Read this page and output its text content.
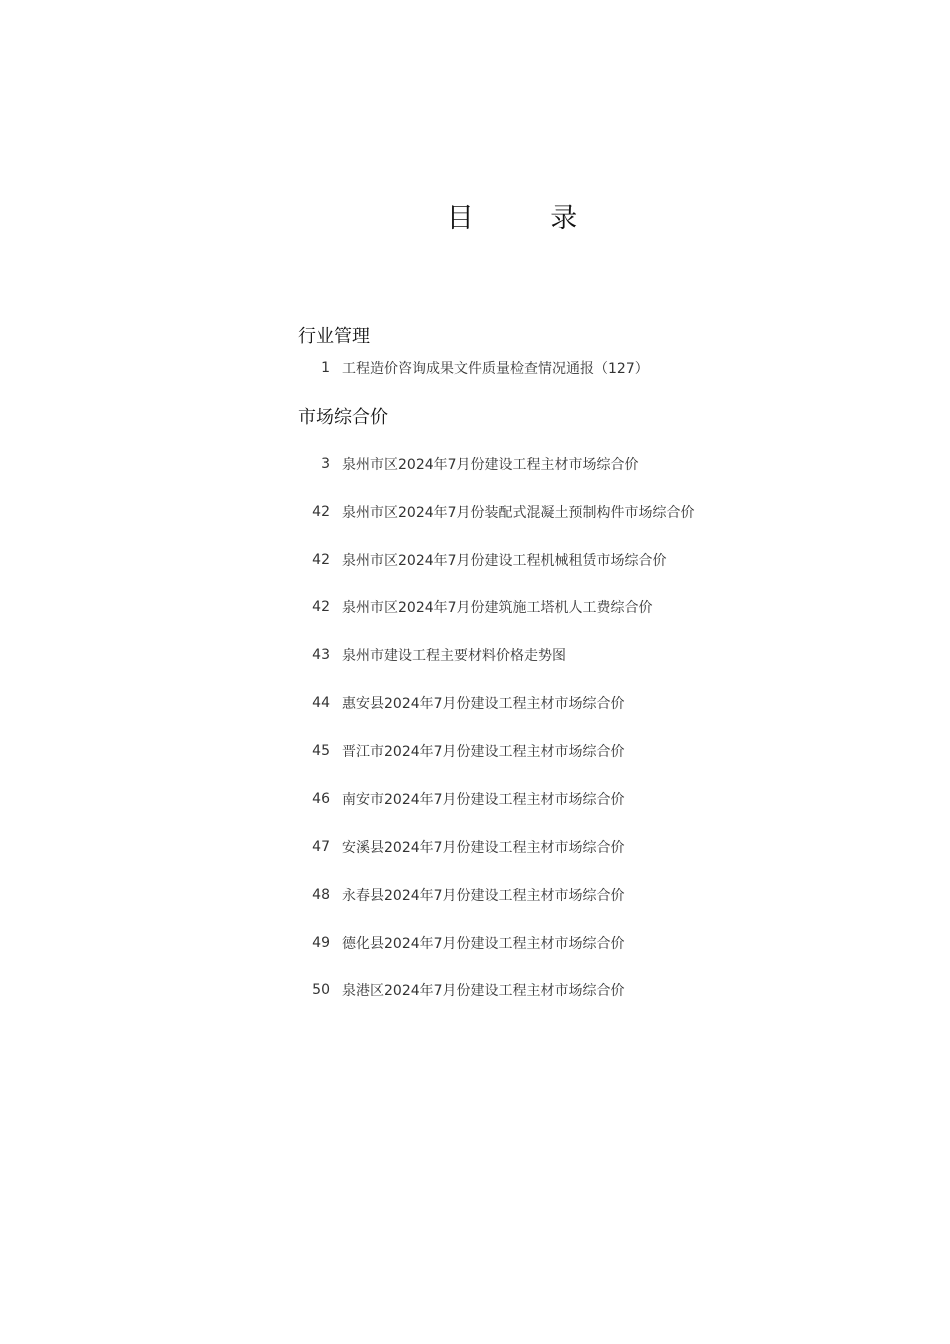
目 录
行业管理
1 工程造价咨询成果文件质量检查情况通报（127）
市场综合价
3 泉州市区2024年7月份建设工程主材市场综合价
42 泉州市区2024年7月份装配式混凝土预制构件市场综合价
42 泉州市区2024年7月份建设工程机械租赁市场综合价
42 泉州市区2024年7月份建筑施工塔机人工费综合价
43 泉州市建设工程主要材料价格走势图
44 惠安县2024年7月份建设工程主材市场综合价
45 晋江市2024年7月份建设工程主材市场综合价
46 南安市2024年7月份建设工程主材市场综合价
47 安溪县2024年7月份建设工程主材市场综合价
48 永春县2024年7月份建设工程主材市场综合价
49 德化县2024年7月份建设工程主材市场综合价
50 泉港区2024年7月份建设工程主材市场综合价
